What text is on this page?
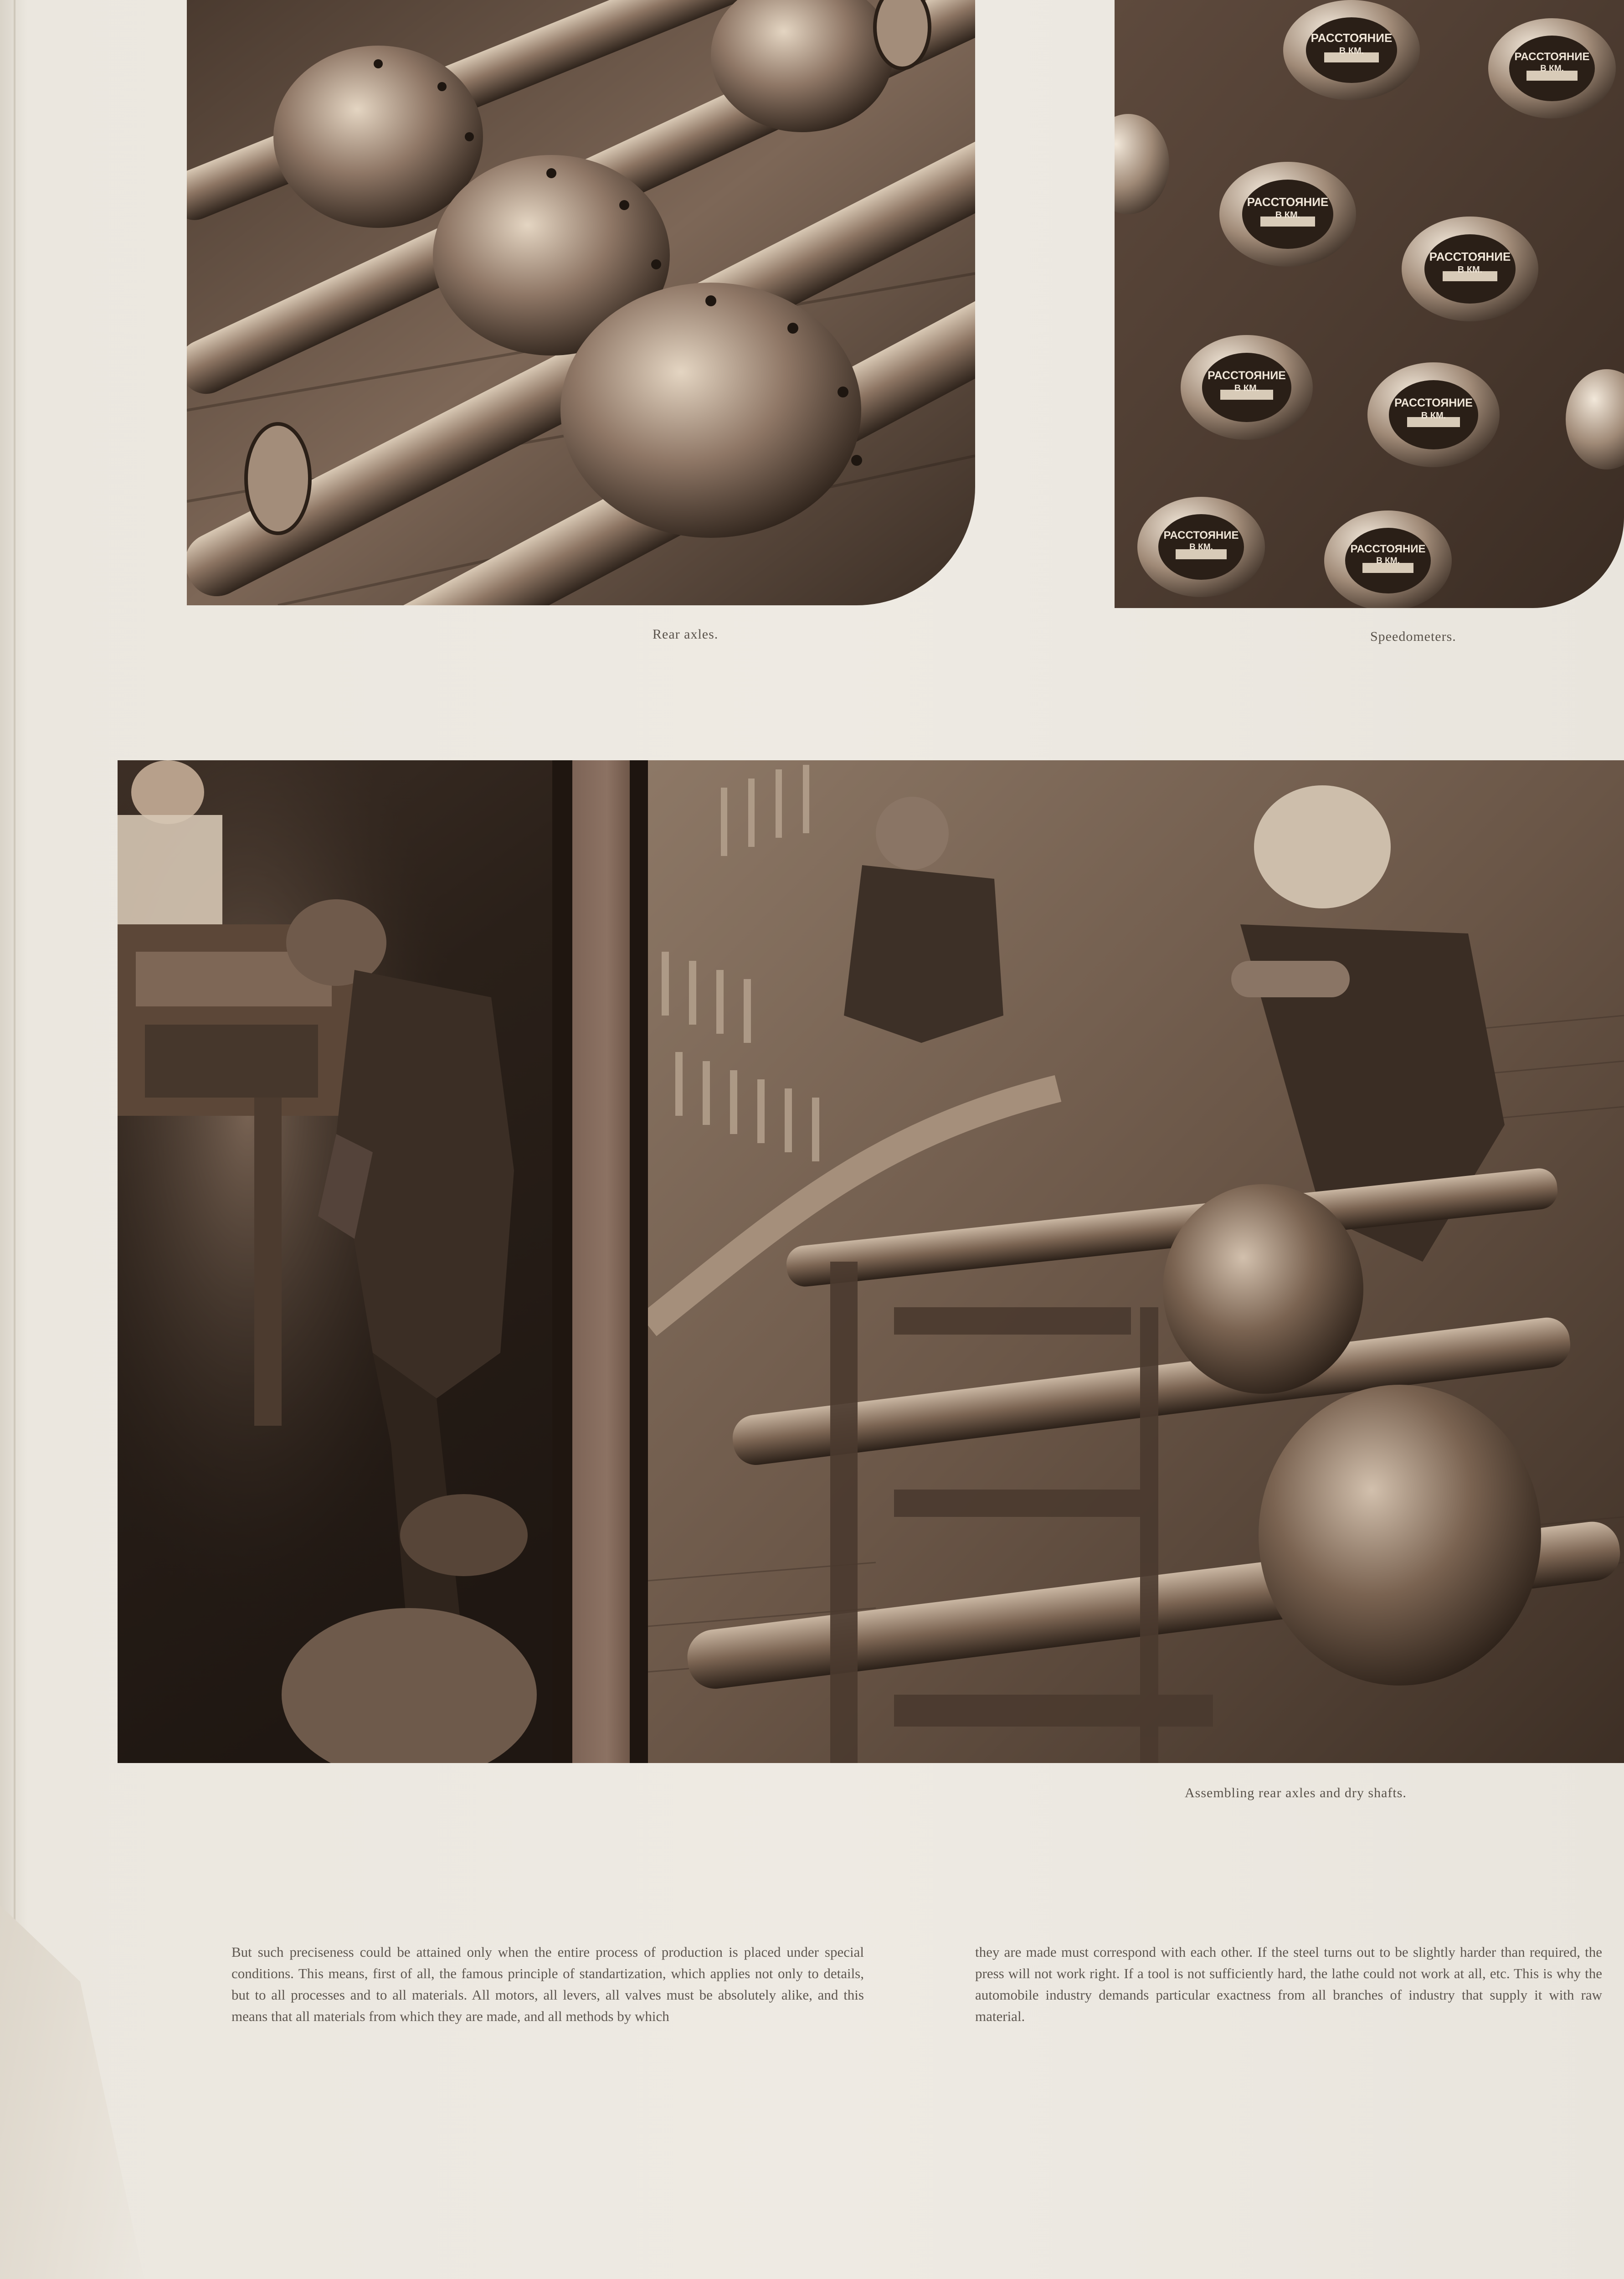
РАССТОЯНИЕ
В КМ.	РАССТОЯНИЕ
В КМ.
РАССТОЯНИЕ
В КМ.
РАССТОЯНИЕ
В КМ.
РАССТОЯНИЕ
В КМ.
РАССТОЯНИЕ
В КМ.
РАССТОЯНИЕ
В КМ.	РАССТОЯНИЕ
В КМ.
Rear axles.	Speedometers.
Assembling rear axles and dry shafts.

But such preciseness could be attained only when the entire process of production is placed under special conditions. This means, first of all, the famous principle of standartization, which applies not only to details, but to all processes and to all materials. All motors, all levers, all valves must be absolutely alike, and this means that all materials from which they are made, and all methods by which

they are made must correspond with each other. If the steel turns out to be slightly harder than required, the press will not work right. If a tool is not sufficiently hard, the lathe could not work at all, etc. This is why the automobile industry demands particular exactness from all branches of industry that supply it with raw material.
